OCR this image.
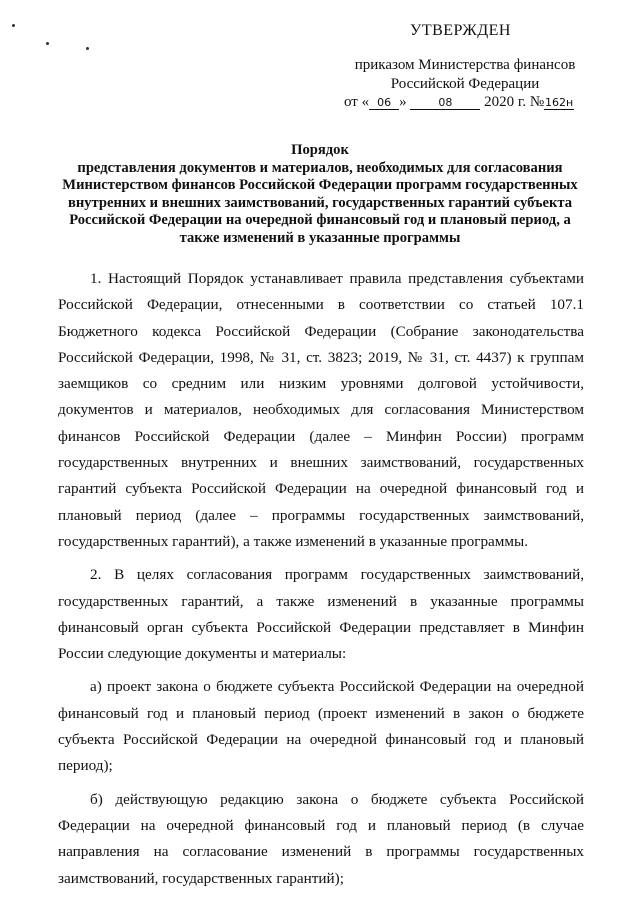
УТВЕРЖДЕН
приказом Министерства финансов
Российской Федерации
от « 06 »	08 2020 г. №162н
Порядок
представления документов и материалов, необходимых для согласования Министерством финансов Российской Федерации программ государственных внутренних и внешних заимствований, государственных гарантий субъекта Российской Федерации на очередной финансовый год и плановый период, а также изменений в указанные программы

1. Настоящий Порядок устанавливает правила представления субъектами Российской Федерации, отнесенными в соответствии со статьей 107.1 Бюджетного кодекса Российской Федерации (Собрание законодательства Российской Федерации, 1998, № 31, ст. 3823; 2019, № 31, ст. 4437) к группам заемщиков со средним или низким уровнями долговой устойчивости, документов и материалов, необходимых для согласования Министерством финансов Российской Федерации (далее – Минфин России) программ государственных внутренних и внешних заимствований, государственных гарантий субъекта Российской Федерации на очередной финансовый год и плановый период (далее – программы государственных заимствований, государственных гарантий), а также изменений в указанные программы.

2. В целях согласования программ государственных заимствований, государственных гарантий, а также изменений в указанные программы финансовый орган субъекта Российской Федерации представляет в Минфин России следующие документы и материалы:

а) проект закона о бюджете субъекта Российской Федерации на очередной финансовый год и плановый период (проект изменений в закон о бюджете субъекта Российской Федерации на очередной финансовый год и плановый период);

б) действующую редакцию закона о бюджете субъекта Российской Федерации на очередной финансовый год и плановый период (в случае направления на согласование изменений в программы государственных заимствований, государственных гарантий);
